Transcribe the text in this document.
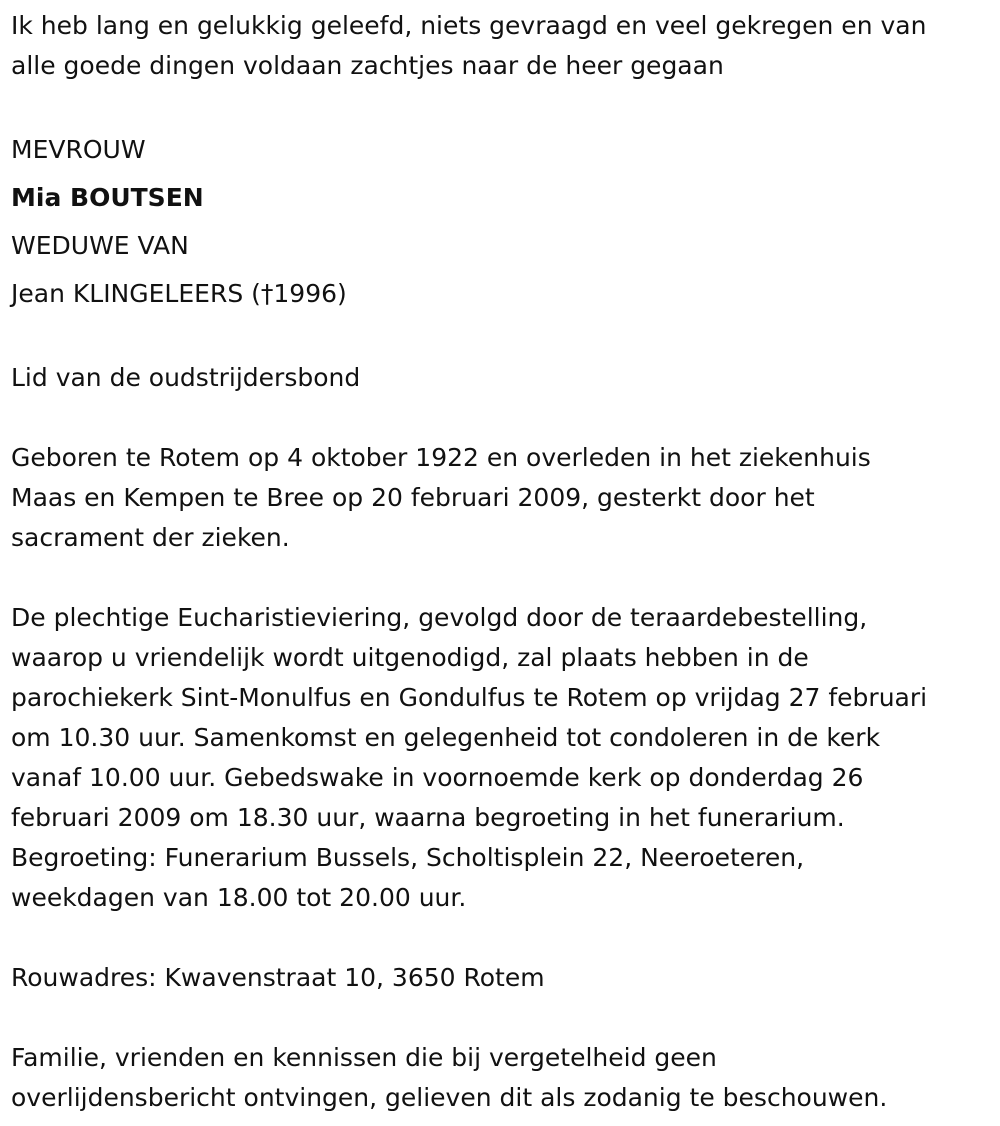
Ik heb lang en gelukkig geleefd, niets gevraagd en veel gekregen en van
alle goede dingen voldaan zachtjes naar de heer gegaan
MEVROUW
Mia BOUTSEN
WEDUWE VAN
Jean KLINGELEERS (†1996)
Lid van de oudstrijdersbond
Geboren te Rotem op 4 oktober 1922 en overleden in het ziekenhuis
Maas en Kempen te Bree op 20 februari 2009, gesterkt door het
sacrament der zieken.
De plechtige Eucharistieviering, gevolgd door de teraardebestelling,
waarop u vriendelijk wordt uitgenodigd, zal plaats hebben in de
parochiekerk Sint-Monulfus en Gondulfus te Rotem op vrijdag 27 februari
om 10.30 uur. Samenkomst en gelegenheid tot condoleren in de kerk
vanaf 10.00 uur. Gebedswake in voornoemde kerk op donderdag 26
februari 2009 om 18.30 uur, waarna begroeting in het funerarium.
Begroeting: Funerarium Bussels, Scholtisplein 22, Neeroeteren,
weekdagen van 18.00 tot 20.00 uur.
Rouwadres: Kwavenstraat 10, 3650 Rotem
Familie, vrienden en kennissen die bij vergetelheid geen
overlijdensbericht ontvingen, gelieven dit als zodanig te beschouwen.
